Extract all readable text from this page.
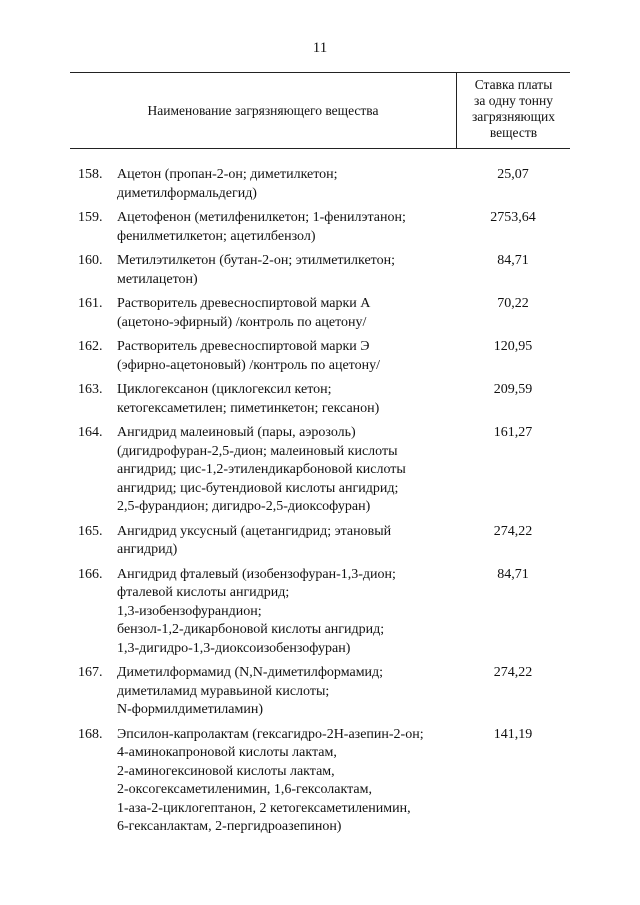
11
Наименование загрязняющего вещества
Ставка платы
за одну тонну
загрязняющих
веществ
158.	Ацетон (пропан-2-он; диметилкетон;
диметилформальдегид)
25,07
159.	Ацетофенон (метилфенилкетон; 1-фенилэтанон;
фенилметилкетон; ацетилбензол)
2753,64
160.	Метилэтилкетон (бутан-2-он; этилметилкетон;
метилацетон)
84,71
161.	Растворитель древесноспиртовой марки А
(ацетоно-эфирный) /контроль по ацетону/
70,22
162.	Растворитель древесноспиртовой марки Э
(эфирно-ацетоновый) /контроль по ацетону/
120,95
163.	Циклогексанон (циклогексил кетон;
кетогексаметилен; пиметинкетон; гексанон)
209,59
164.	Ангидрид малеиновый (пары, аэрозоль)
(дигидрофуран-2,5-дион; малеиновый кислоты
ангидрид; цис-1,2-этилендикарбоновой кислоты
ангидрид; цис-бутендиовой кислоты ангидрид;
2,5-фурандион; дигидро-2,5-диоксофуран)
161,27
165.	Ангидрид уксусный (ацетангидрид; этановый
ангидрид)
274,22
166.	Ангидрид фталевый (изобензофуран-1,3-дион;
фталевой кислоты ангидрид;
1,3-изобензофурандион;
бензол-1,2-дикарбоновой кислоты ангидрид;
1,3-дигидро-1,3-диоксоизобензофуран)
84,71
167.	Диметилформамид (N,N-диметилформамид;
диметиламид муравьиной кислоты;
N-формилдиметиламин)
274,22
168.	Эпсилон-капролактам (гексагидро-2Н-азепин-2-он;
4-аминокапроновой кислоты лактам,
2-аминогексиновой кислоты лактам,
2-оксогексаметиленимин, 1,6-гексолактам,
1-аза-2-циклогептанон, 2 кетогексаметиленимин,
6-гексанлактам, 2-пергидроазепинон)
141,19
